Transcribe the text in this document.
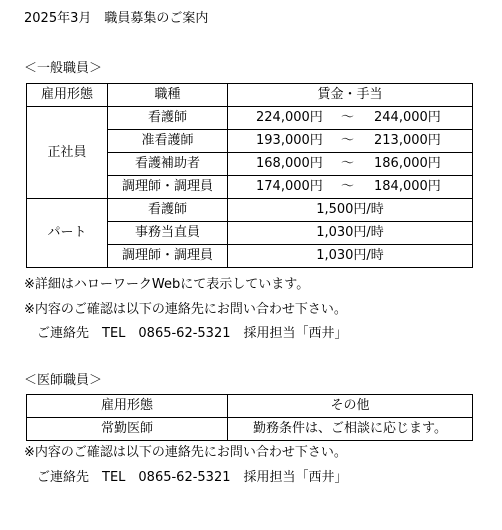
2025年3月　職員募集のご案内
＜一般職員＞
雇用形態	職種	賃金・手当
正社員	看護師	224,000円 ～ 244,000円

	准看護師	193,000円 ～ 213,000円

	看護補助者	168,000円 ～ 186,000円

	調理師・調理員	174,000円 ～ 184,000円

パート	看護師	1,500円/時
	事務当直員	1,030円/時
	調理師・調理員	1,030円/時
※詳細はハローワークWebにて表示しています。
※内容のご確認は以下の連絡先にお問い合わせ下さい。
　ご連絡先　TEL　0865-62-5321　採用担当「西井」
＜医師職員＞
雇用形態	その他
常勤医師	勤務条件は、ご相談に応じます。
※内容のご確認は以下の連絡先にお問い合わせ下さい。
　ご連絡先　TEL　0865-62-5321　採用担当「西井」
